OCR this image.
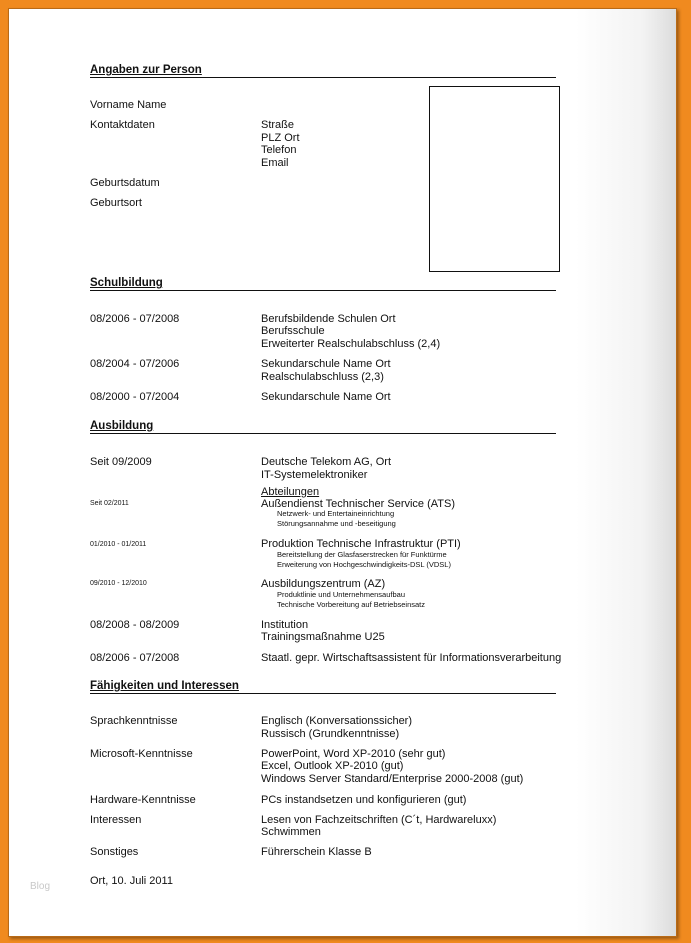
Angaben zur Person
Vorname Name
Kontaktdaten	Straße
PLZ Ort
Telefon
Email
Geburtsdatum
Geburtsort
Schulbildung
08/2006 - 07/2008	Berufsbildende Schulen Ort
Berufsschule
Erweiterter Realschulabschluss (2,4)
08/2004 - 07/2006	Sekundarschule Name Ort
Realschulabschluss (2,3)
08/2000 - 07/2004	Sekundarschule Name Ort
Ausbildung
Seit 09/2009	Deutsche Telekom AG, Ort
IT-Systemelektroniker
Abteilungen
Seit 02/2011	Außendienst Technischer Service (ATS)
Netzwerk- und Entertaineinrichtung
Störungsannahme und -beseitigung
01/2010 - 01/2011	Produktion Technische Infrastruktur (PTI)
Bereitstellung der Glasfaserstrecken für Funktürme
Erweiterung von Hochgeschwindigkeits-DSL (VDSL)
09/2010 - 12/2010	Ausbildungszentrum (AZ)
Produktlinie und Unternehmensaufbau
Technische Vorbereitung auf Betriebseinsatz
08/2008 - 08/2009	Institution
Trainingsmaßnahme U25
08/2006 - 07/2008	Staatl. gepr. Wirtschaftsassistent für Informationsverarbeitung
Fähigkeiten und Interessen
Sprachkenntnisse	Englisch (Konversationssicher)
Russisch (Grundkenntnisse)
Microsoft-Kenntnisse	PowerPoint, Word XP-2010 (sehr gut)
Excel, Outlook XP-2010 (gut)
Windows Server Standard/Enterprise 2000-2008 (gut)
Hardware-Kenntnisse	PCs instandsetzen und konfigurieren (gut)
Interessen	Lesen von Fachzeitschriften (C´t, Hardwareluxx)
Schwimmen
Sonstiges	Führerschein Klasse B
Ort, 10. Juli 2011
Blog
